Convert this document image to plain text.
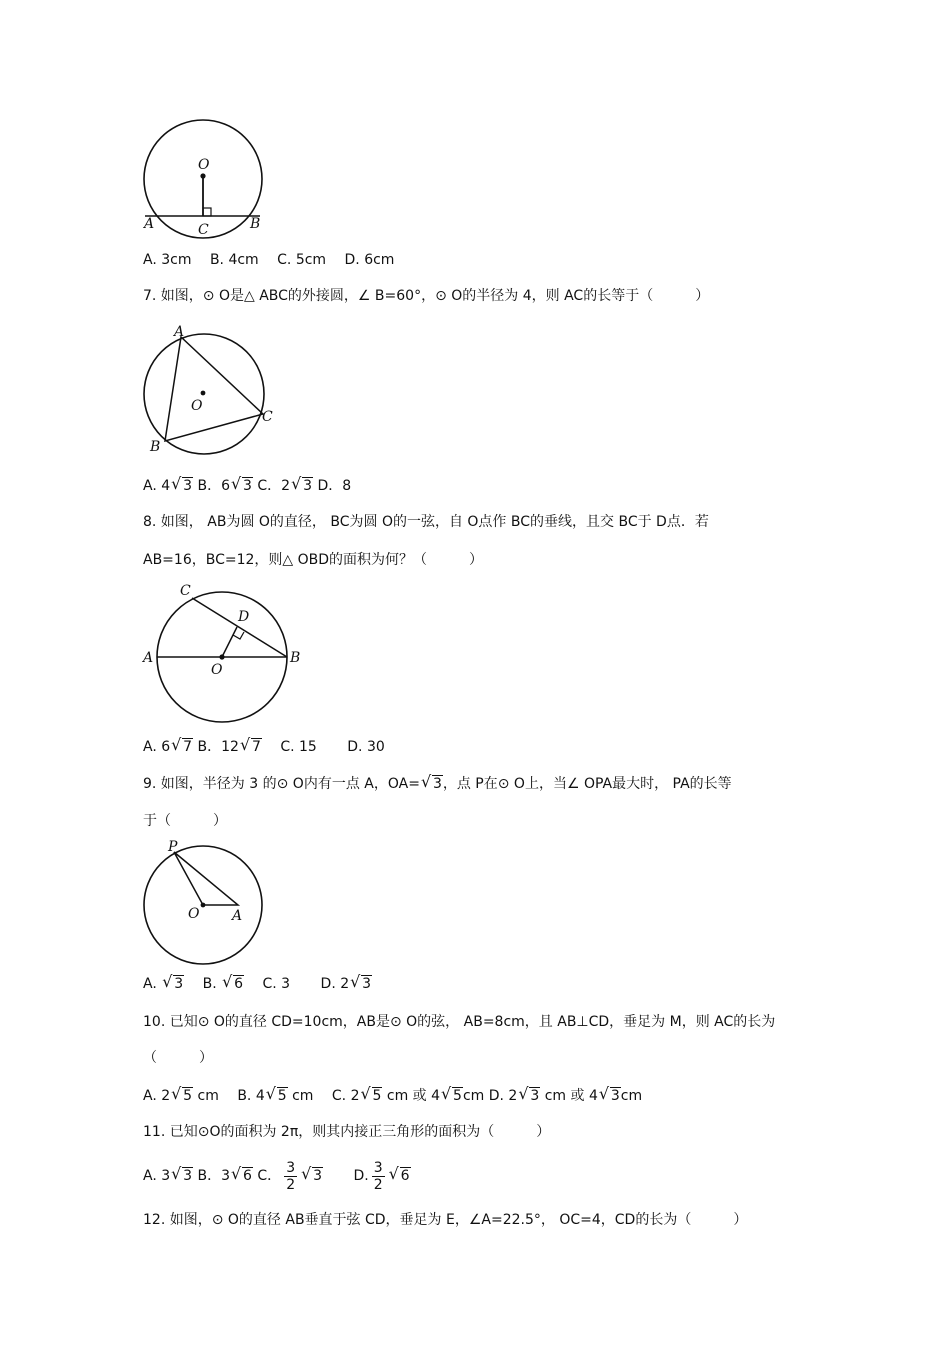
O
A	B
C
A. 3cm B. 4cm C. 5cm D. 6cm
7. 如图，⊙ O是△ ABC的外接圆，∠ B=60°，⊙ O的半径为 4，则 AC的长等于（　　　）
A
B
C
O
A. 4 √ 3 B．6 √ 3 C．2 √ 3 D．8
8. 如图， AB为圆 O的直径， BC为圆 O的一弦，自 O点作 BC的垂线，且交 BC于 D点．若
AB=16，BC=12，则△ OBD的面积为何？（　　　）
A	B
C
D
O
A. 6 √ 7 B．12 √ 7 C. 15 D. 30
9. 如图，半径为 3 的⊙ O内有一点 A，OA= √ 3，点 P在⊙ O上，当∠ OPA最大时， PA的长等
于（　　　）
P
O A
A. √ 3 B. √ 6 C. 3 D. 2 √ 3
10. 已知⊙ O的直径 CD=10cm，AB是⊙ O的弦， AB=8cm，且 AB⊥CD，垂足为 M，则 AC的长为
（　　　）
A. 2 √ 5 cm B. 4 √ 5 cm C. 2 √ 5 cm 或 4 √ 5cm D. 2 √ 3 cm 或 4 √ 3cm
11. 已知⊙O的面积为 2π，则其内接正三角形的面积为（　　　）
A. 3 √ 3 B．3 √ 6 C． $\frac{3}{2}$ √ 3 D. $\frac{3}{2}$ √ 6
12. 如图，⊙ O的直径 AB垂直于弦 CD，垂足为 E，∠A=22.5°， OC=4，CD的长为（　　　）
